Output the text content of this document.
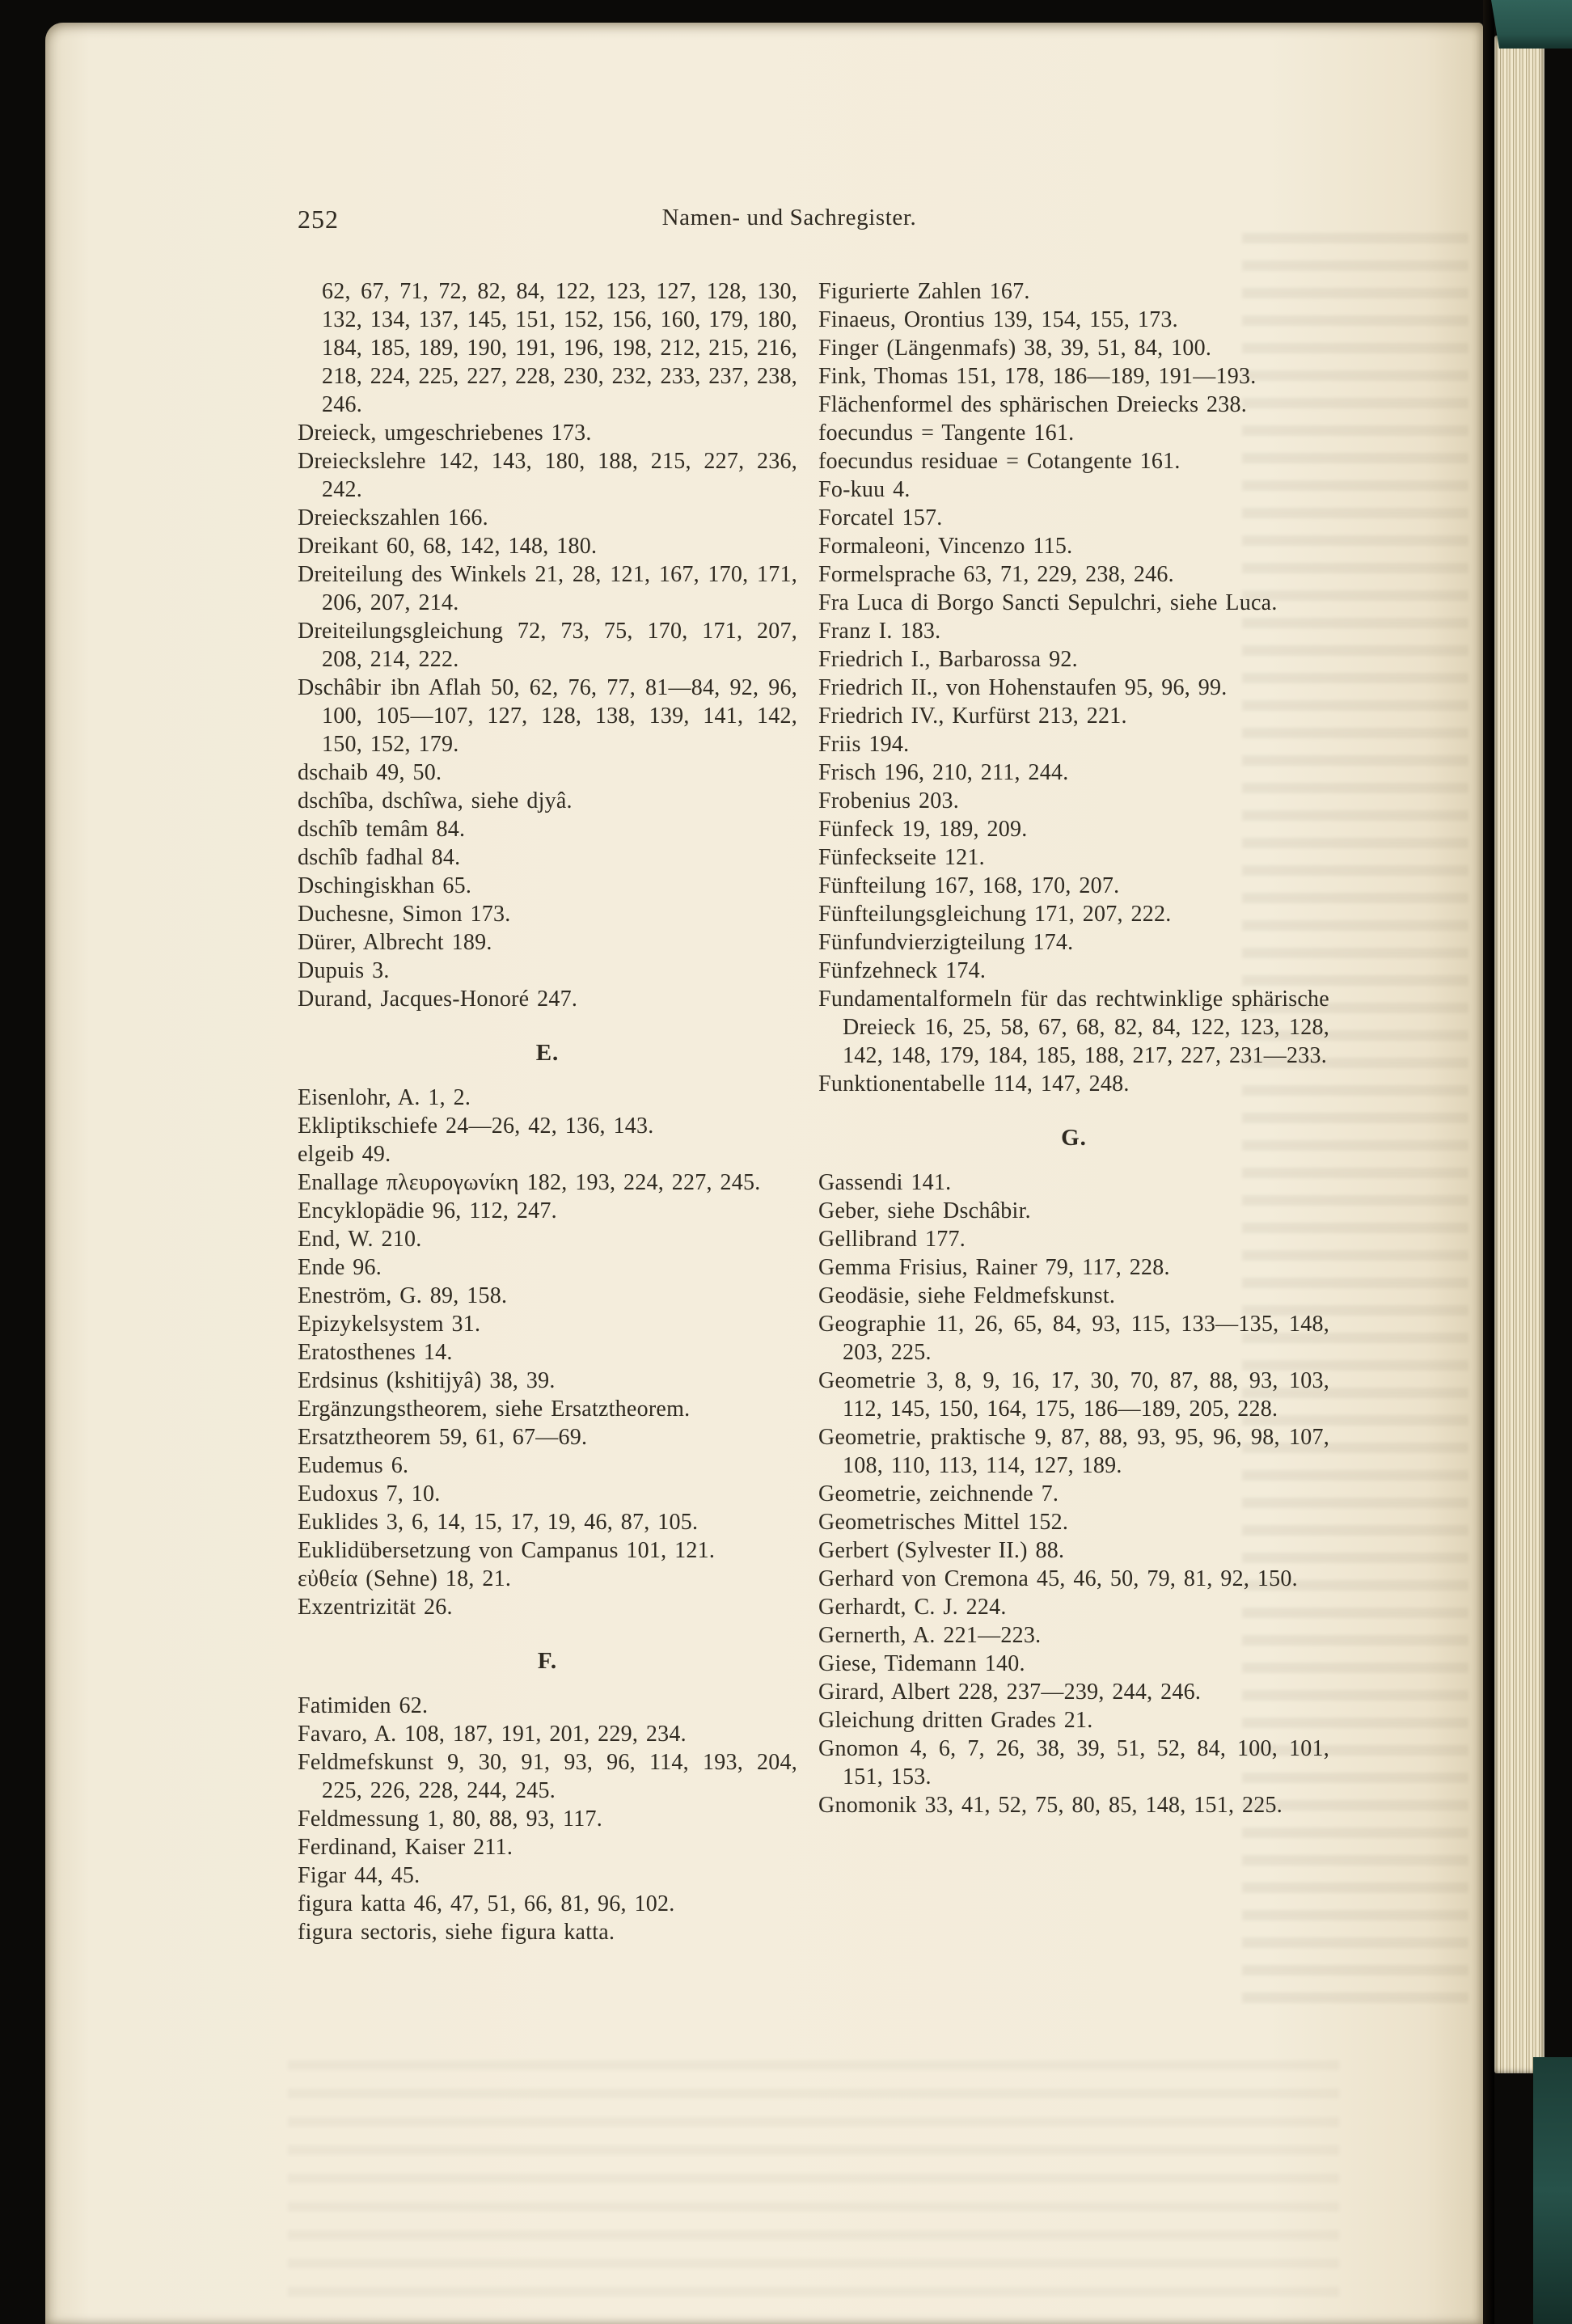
252	Namen- und Sachregister.
62, 67, 71, 72, 82, 84, 122, 123, 127, 128, 130, 132, 134, 137, 145, 151, 152, 156, 160, 179, 180, 184, 185, 189, 190, 191, 196, 198, 212, 215, 216, 218, 224, 225, 227, 228, 230, 232, 233, 237, 238, 246.
Dreieck, umgeschriebenes 173.
Dreieckslehre 142, 143, 180, 188, 215, 227, 236, 242.
Dreieckszahlen 166.
Dreikant 60, 68, 142, 148, 180.
Dreiteilung des Winkels 21, 28, 121, 167, 170, 171, 206, 207, 214.
Dreiteilungsgleichung 72, 73, 75, 170, 171, 207, 208, 214, 222.
Dschâbir ibn Aflah 50, 62, 76, 77, 81—84, 92, 96, 100, 105—107, 127, 128, 138, 139, 141, 142, 150, 152, 179.
dschaib 49, 50.
dschîba, dschîwa, siehe djyâ.
dschîb temâm 84.
dschîb fadhal 84.
Dschingiskhan 65.
Duchesne, Simon 173.
Dürer, Albrecht 189.
Dupuis 3.
Durand, Jacques-Honoré 247.
E.
Eisenlohr, A. 1, 2.
Ekliptikschiefe 24—26, 42, 136, 143.
elgeib 49.
Enallage πλευρογωνίκη 182, 193, 224, 227, 245.
Encyklopädie 96, 112, 247.
End, W. 210.
Ende 96.
Eneström, G. 89, 158.
Epizykelsystem 31.
Eratosthenes 14.
Erdsinus (kshitijyâ) 38, 39.
Ergänzungstheorem, siehe Ersatztheorem.
Ersatztheorem 59, 61, 67—69.
Eudemus 6.
Eudoxus 7, 10.
Euklides 3, 6, 14, 15, 17, 19, 46, 87, 105.
Euklidübersetzung von Campanus 101, 121.
εὐθεία (Sehne) 18, 21.
Exzentrizität 26.
F.
Fatimiden 62.
Favaro, A. 108, 187, 191, 201, 229, 234.
Feldmefskunst 9, 30, 91, 93, 96, 114, 193, 204, 225, 226, 228, 244, 245.
Feldmessung 1, 80, 88, 93, 117.
Ferdinand, Kaiser 211.
Figar 44, 45.
figura katta 46, 47, 51, 66, 81, 96, 102.
figura sectoris, siehe figura katta.
Figurierte Zahlen 167.
Finaeus, Orontius 139, 154, 155, 173.
Finger (Längenmafs) 38, 39, 51, 84, 100.
Fink, Thomas 151, 178, 186—189, 191—193.
Flächenformel des sphärischen Dreiecks 238.
foecundus = Tangente 161.
foecundus residuae = Cotangente 161.
Fo-kuu 4.
Forcatel 157.
Formaleoni, Vincenzo 115.
Formelsprache 63, 71, 229, 238, 246.
Fra Luca di Borgo Sancti Sepulchri, siehe Luca.
Franz I. 183.
Friedrich I., Barbarossa 92.
Friedrich II., von Hohenstaufen 95, 96, 99.
Friedrich IV., Kurfürst 213, 221.
Friis 194.
Frisch 196, 210, 211, 244.
Frobenius 203.
Fünfeck 19, 189, 209.
Fünfeckseite 121.
Fünfteilung 167, 168, 170, 207.
Fünfteilungsgleichung 171, 207, 222.
Fünfundvierzigteilung 174.
Fünfzehneck 174.
Fundamentalformeln für das rechtwinklige sphärische Dreieck 16, 25, 58, 67, 68, 82, 84, 122, 123, 128, 142, 148, 179, 184, 185, 188, 217, 227, 231—233.
Funktionentabelle 114, 147, 248.
G.
Gassendi 141.
Geber, siehe Dschâbir.
Gellibrand 177.
Gemma Frisius, Rainer 79, 117, 228.
Geodäsie, siehe Feldmefskunst.
Geographie 11, 26, 65, 84, 93, 115, 133—135, 148, 203, 225.
Geometrie 3, 8, 9, 16, 17, 30, 70, 87, 88, 93, 103, 112, 145, 150, 164, 175, 186—189, 205, 228.
Geometrie, praktische 9, 87, 88, 93, 95, 96, 98, 107, 108, 110, 113, 114, 127, 189.
Geometrie, zeichnende 7.
Geometrisches Mittel 152.
Gerbert (Sylvester II.) 88.
Gerhard von Cremona 45, 46, 50, 79, 81, 92, 150.
Gerhardt, C. J. 224.
Gernerth, A. 221—223.
Giese, Tidemann 140.
Girard, Albert 228, 237—239, 244, 246.
Gleichung dritten Grades 21.
Gnomon 4, 6, 7, 26, 38, 39, 51, 52, 84, 100, 101, 151, 153.
Gnomonik 33, 41, 52, 75, 80, 85, 148, 151, 225.
